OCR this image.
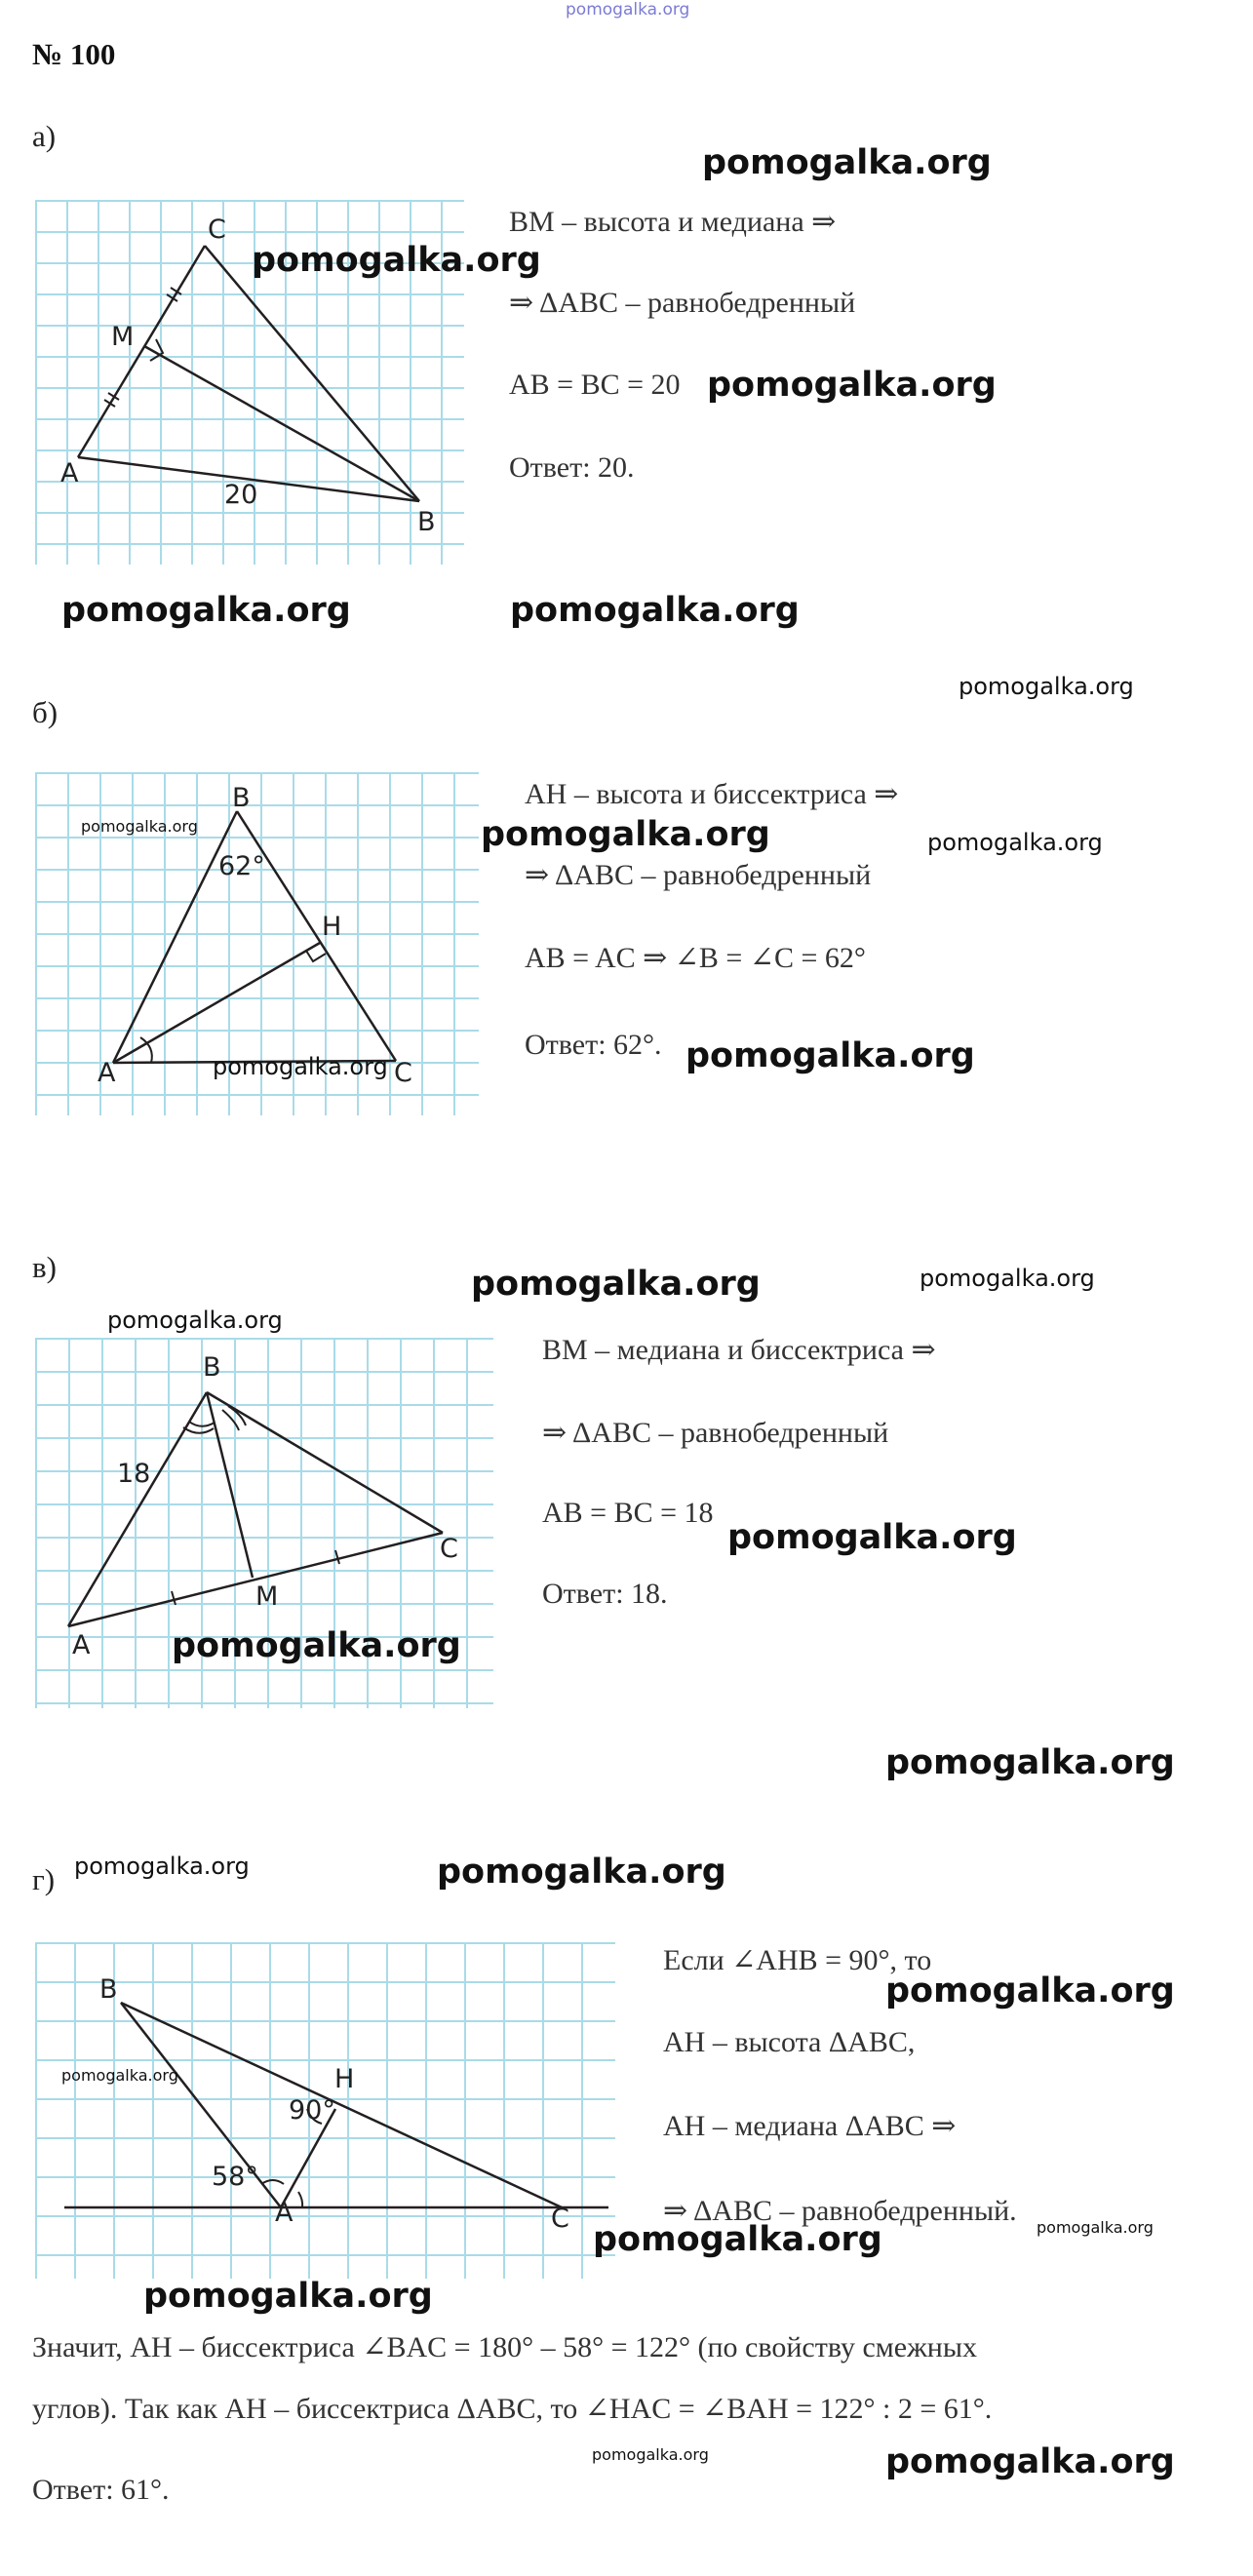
pomogalka.org
№ 100
а)
pomogalka.org
C
M
A
B
20
pomogalka.org
BM – высота и медиана ⇒
⇒ ΔABC – равнобедренный
AB = BC = 20 pomogalka.org
Ответ: 20.
pomogalka.org	pomogalka.org
б)
pomogalka.org
B
62°
H
A	C
pomogalka.org
pomogalka.org
AH – высота и биссектриса ⇒
pomogalka.org	pomogalka.org
⇒ ΔABC – равнобедренный
AB = AC ⇒ ∠B = ∠C = 62°
Ответ: 62°. pomogalka.org
в)	pomogalka.org	pomogalka.org
pomogalka.org
B
18
C
M
A pomogalka.org
BM – медиана и биссектриса ⇒
⇒ ΔABC – равнобедренный
AB = BC = 18
pomogalka.org
Ответ: 18.
pomogalka.org
г) pomogalka.org	pomogalka.org
B
H
90°
58°
A	C
pomogalka.org
Если ∠AHB = 90°, то
pomogalka.org
AH – высота ΔABC,
AH – медиана ΔABC ⇒
⇒ ΔABC – равнобедренный.
pomogalka.org
pomogalka.org
pomogalka.org
Значит, AH – биссектриса ∠BAC = 180° – 58° = 122° (по свойству смежных
углов). Так как AH – биссектриса ΔABC, то ∠HAC = ∠BAH = 122° : 2 = 61°.
pomogalka.org
Ответ: 61°.
pomogalka.org
